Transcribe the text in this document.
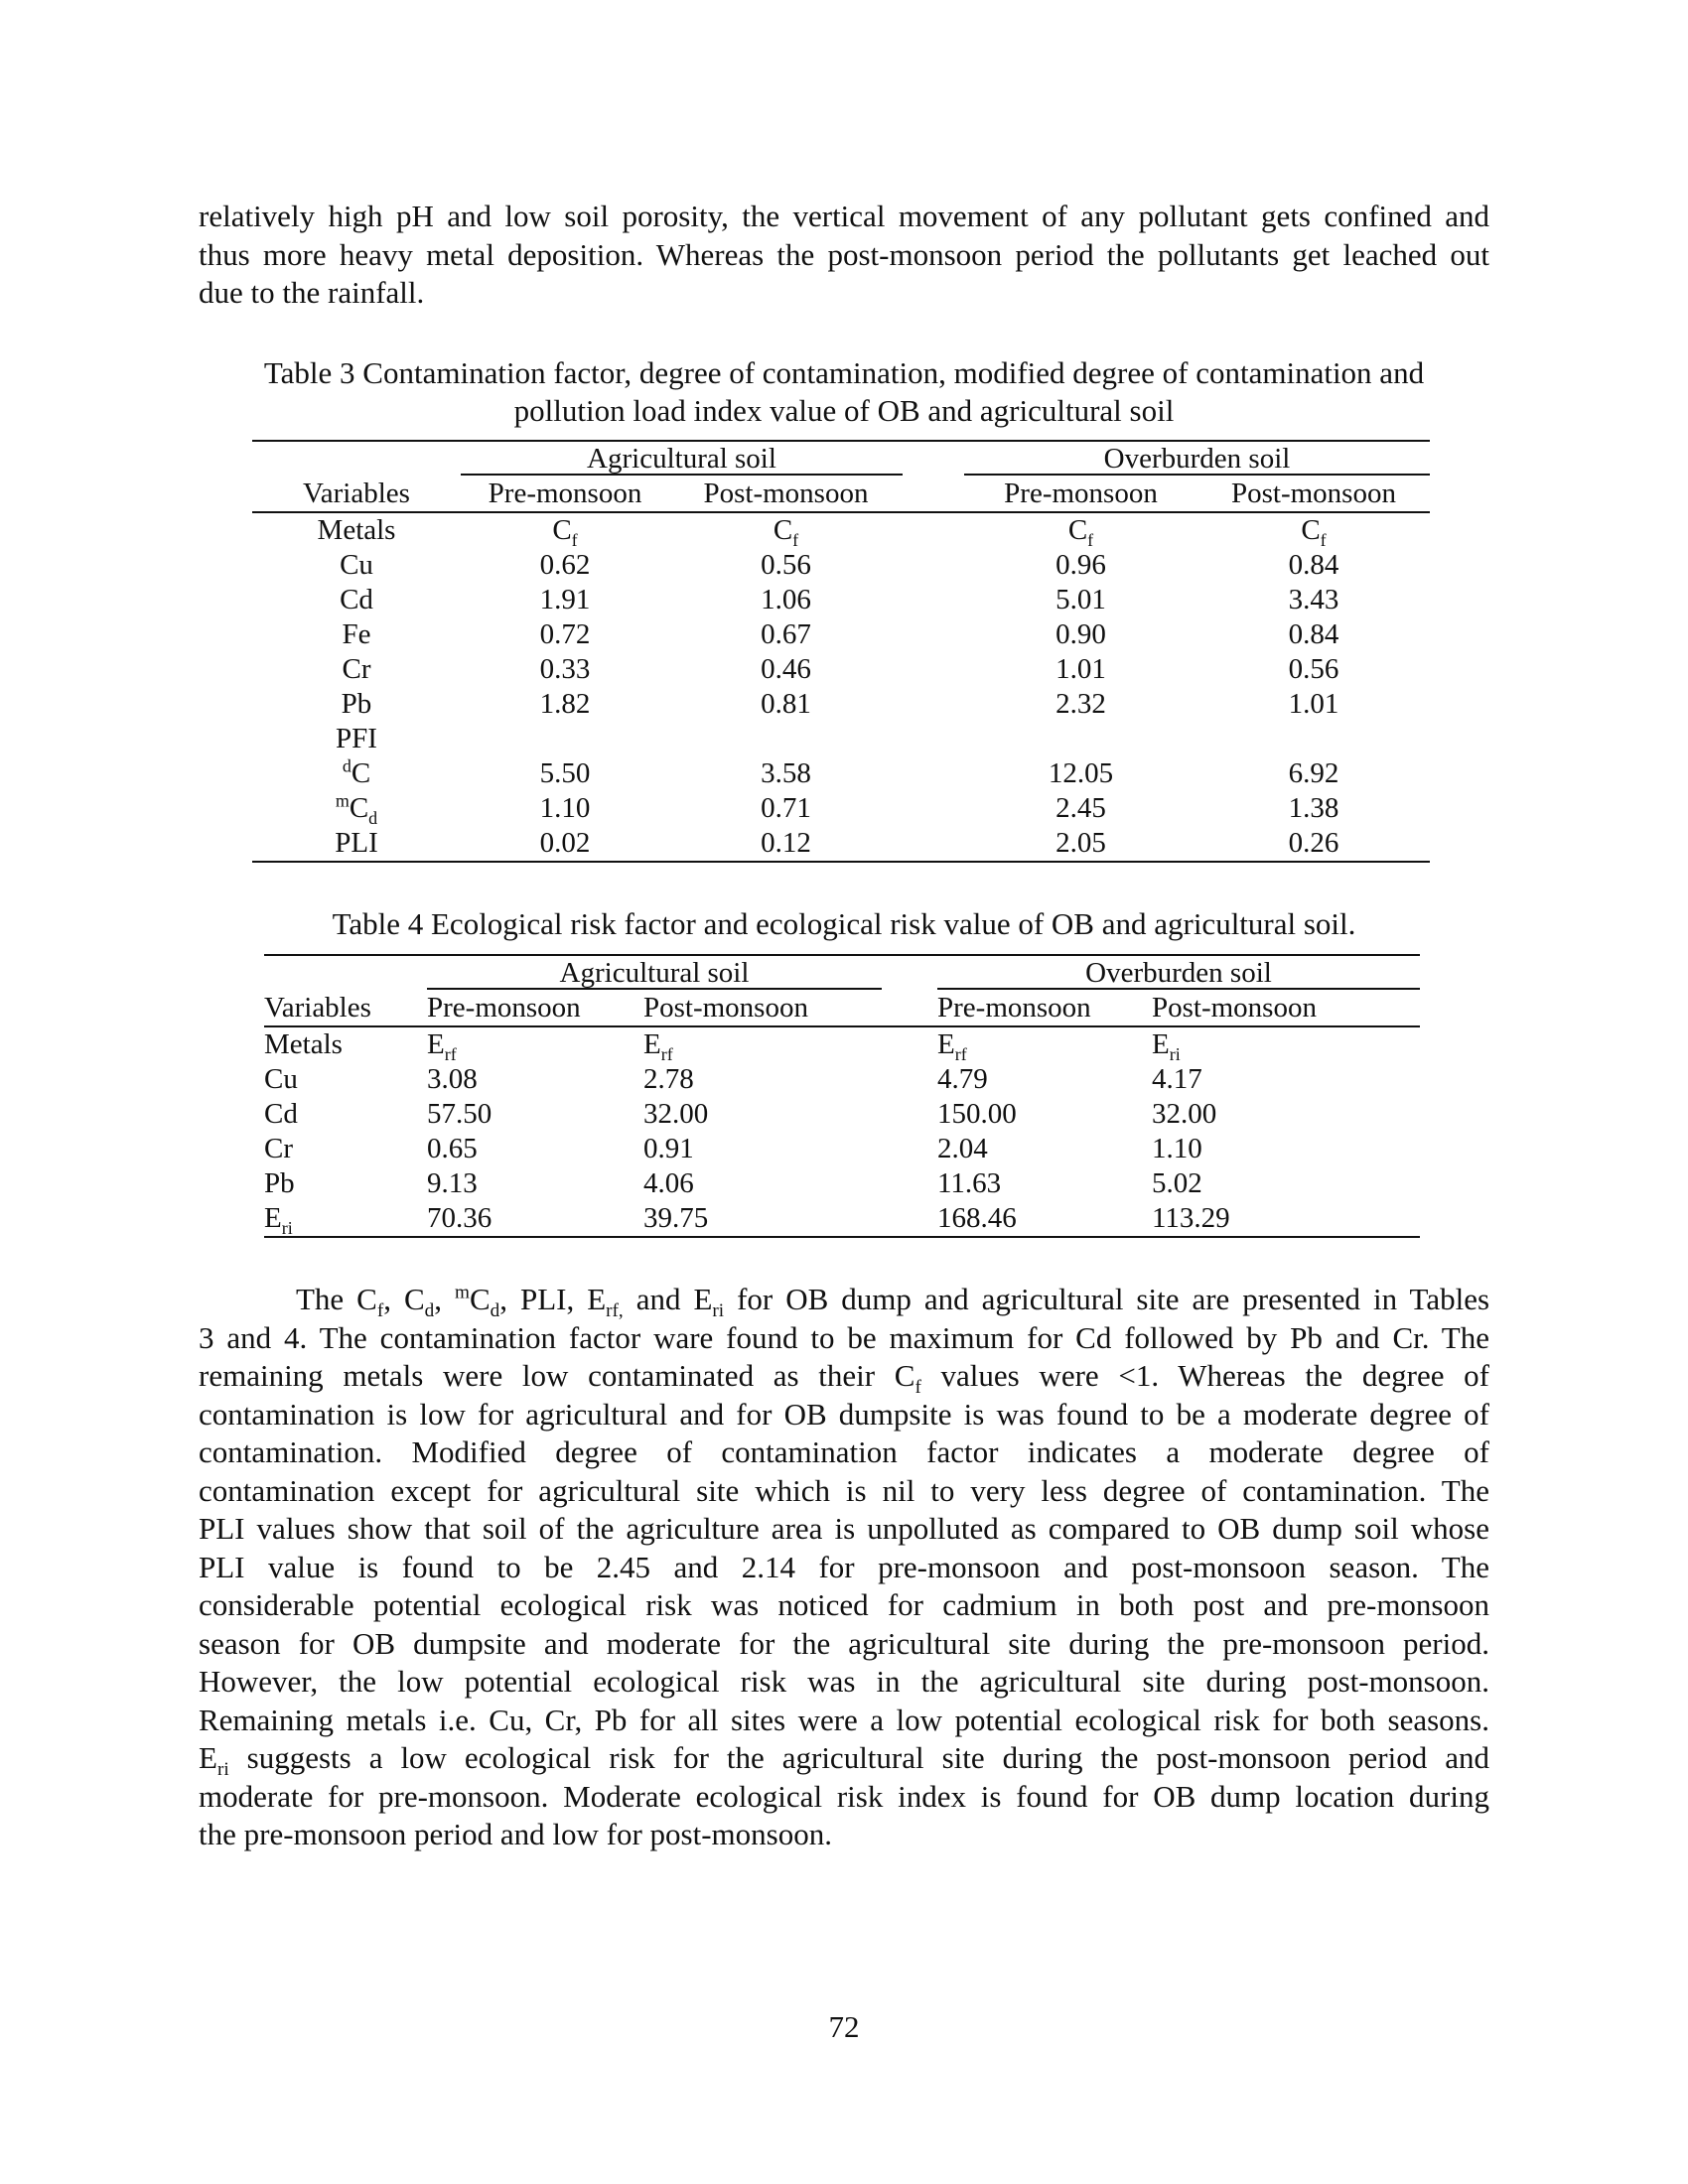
relatively high pH and low soil porosity, the vertical movement of any pollutant gets confined and
thus more heavy metal deposition. Whereas the post-monsoon period the pollutants get leached out
due to the rainfall.

Table 3 Contamination factor, degree of contamination, modified degree of contamination and
pollution load index value of OB and agricultural soil
	Agricultural soil			Overburden soil	
Variables	Pre-monsoon	Post-monsoon		Pre-monsoon	Post-monsoon
Metals	$C_f$	$C_f$		$C_f$	$C_f$
Cu	0.62	0.56		0.96	0.84
Cd	1.91	1.06		5.01	3.43
Fe	0.72	0.67		0.90	0.84
Cr	0.33	0.46		1.01	0.56
Pb	1.82	0.81		2.32	1.01
PFI					
$^d$C	5.50	3.58		12.05	6.92
$^mC_d$	1.10	0.71		2.45	1.38
PLI	0.02	0.12		2.05	0.26
Table 4 Ecological risk factor and ecological risk value of OB and agricultural soil.
	Agricultural soil			Overburden soil	
Variables	Pre-monsoon	Post-monsoon		Pre-monsoon	Post-monsoon
Metals	$E_{rf}$	$E_{rf}$		$E_{rf}$	$E_{ri}$
Cu	3.08	2.78		4.79	4.17
Cd	57.50	32.00		150.00	32.00
Cr	0.65	0.91		2.04	1.10
Pb	9.13	4.06		11.63	5.02
$E_{ri}$	70.36	39.75		168.46	113.29

The $C_f$, $C_d$, $^mC_d$, PLI, $E_{rf,}$ and $E_{ri}$ for OB dump and agricultural site are presented in Tables
3 and 4. The contamination factor ware found to be maximum for Cd followed by Pb and Cr. The
remaining metals were low contaminated as their $C_f$ values were <1. Whereas the degree of
contamination is low for agricultural and for OB dumpsite is was found to be a moderate degree of
contamination. Modified degree of contamination factor indicates a moderate degree of
contamination except for agricultural site which is nil to very less degree of contamination. The
PLI values show that soil of the agriculture area is unpolluted as compared to OB dump soil whose
PLI value is found to be 2.45 and 2.14 for pre-monsoon and post-monsoon season. The
considerable potential ecological risk was noticed for cadmium in both post and pre-monsoon
season for OB dumpsite and moderate for the agricultural site during the pre-monsoon period.
However, the low potential ecological risk was in the agricultural site during post-monsoon.
Remaining metals i.e. Cu, Cr, Pb for all sites were a low potential ecological risk for both seasons.
$E_{ri}$ suggests a low ecological risk for the agricultural site during the post-monsoon period and
moderate for pre-monsoon. Moderate ecological risk index is found for OB dump location during
the pre-monsoon period and low for post-monsoon.

72
